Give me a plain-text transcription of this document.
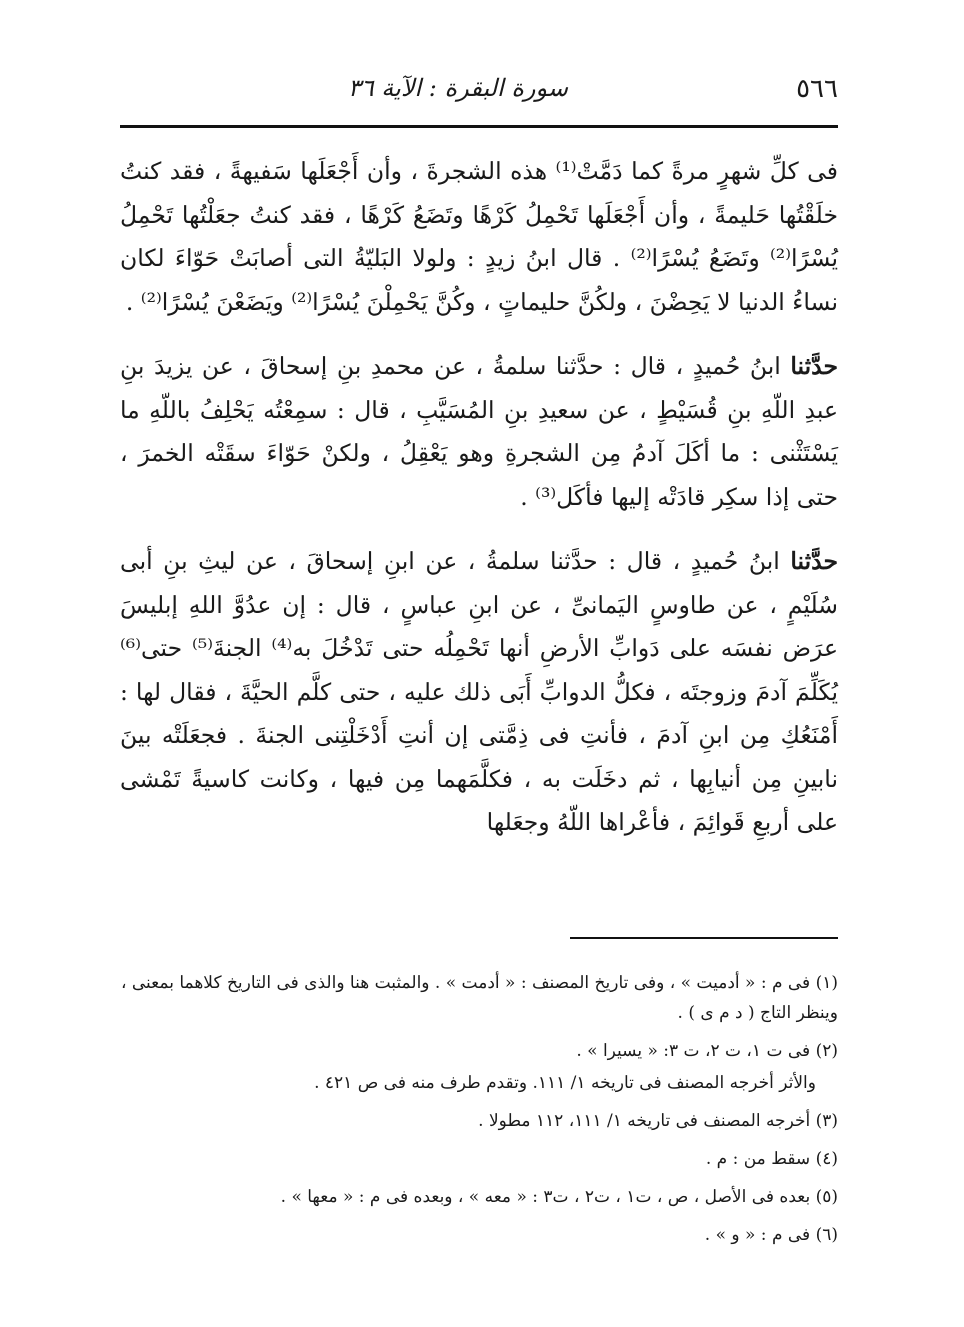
٥٦٦
سورة البقرة : الآية ٣٦

فى كلِّ شهرٍ مرةً كما دَمَّتْ⁽¹⁾ هذه الشجرةَ ، وأن أَجْعَلَها سَفيهةً ، فقد كنتُ خلَقْتُها حَليمةً ، وأن أَجْعَلَها تَحْمِلُ كَرْهًا وتَضَعُ كَرْهًا ، فقد كنتُ جعَلْتُها تَحْمِلُ يُسْرًا⁽²⁾ وتَضَعُ يُسْرًا⁽²⁾ . قال ابنُ زيدٍ : ولولا البَليّةُ التى أصابَتْ حَوّاءَ لكان نساءُ الدنيا لا يَحِضْنَ ، ولكُنَّ حليماتٍ ، وكُنَّ يَحْمِلْنَ يُسْرًا⁽²⁾ ويَضَعْنَ يُسْرًا⁽²⁾ .

حدَّثنا ابنُ حُميدٍ ، قال : حدَّثنا سلمةُ ، عن محمدِ بنِ إسحاقَ ، عن يزيدَ بنِ عبدِ اللّهِ بنِ قُسَيْطٍ ، عن سعيدِ بنِ المُسَيَّبِ ، قال : سمِعْتُه يَحْلِفُ باللّهِ ما يَسْتَثْنى : ما أكَلَ آدمُ مِن الشجرةِ وهو يَعْقِلُ ، ولكنْ حَوّاءَ سقَتْه الخمرَ ، حتى إذا سكِر قادَتْه إليها فأكَل⁽³⁾ .

حدَّثنا ابنُ حُميدٍ ، قال : حدَّثنا سلمةُ ، عن ابنِ إسحاقَ ، عن ليثِ بنِ أبى سُلَيْمٍ ، عن طاوسٍ اليَمانىِّ ، عن ابنِ عباسٍ ، قال : إن عدُوَّ اللهِ إبليسَ عرَض نفسَه على دَوابِّ الأرضِ أنها تَحْمِلُه حتى تَدْخُلَ به⁽⁴⁾ الجنةَ⁽⁵⁾ حتى⁽⁶⁾ يُكَلِّمَ آدمَ وزوجتَه ، فكلُّ الدوابِّ أَبَى ذلك عليه ، حتى كلَّم الحيَّةَ ، فقال لها : أَمْنَعُكِ مِن ابنِ آدمَ ، فأنتِ فى ذِمَّتى إن أنتِ أَدْخَلْتِنى الجنةَ . فجعَلَتْه بينَ نابينِ مِن أنيابِها ، ثم دخَلَت به ، فكلَّمَهما مِن فيها ، وكانت كاسيةً تَمْشى على أربعِ قَوائِمَ ، فأعْراها اللّهُ وجعَلها

(١) فى م : « أدميت » ، وفى تاريخ المصنف : « أدمت » . والمثبت هنا والذى فى التاريخ كلاهما بمعنى ، وينظر التاج ( د م ى ) .

(٢) فى ت ١، ت ٢، ت ٣: « يسيرا » .

والأثر أخرجه المصنف فى تاريخه ١/ ١١١. وتقدم طرف منه فى ص ٤٢١ .

(٣) أخرجه المصنف فى تاريخه ١/ ١١١، ١١٢ مطولا .

(٤) سقط من : م .

(٥) بعده فى الأصل ، ص ، ت١ ، ت٢ ، ت٣ : « معه » ، وبعده فى م : « معها » .

(٦) فى م : « و » .
